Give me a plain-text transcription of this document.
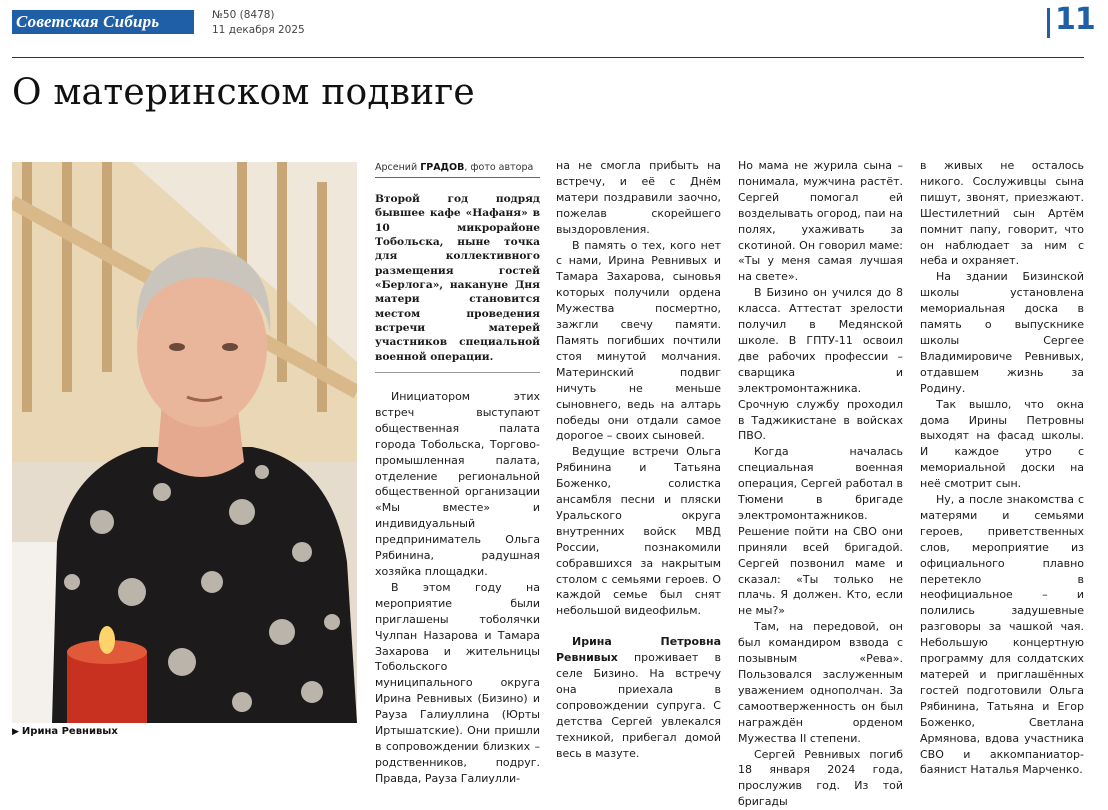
Советская Сибирь	№50 (8478)
11 декабря 2025	11
О материнском подвиге
▶ Ирина Ревнивых
Арсений ГРАДОВ, фото автора

Второй год подряд бывшее кафе «Нафаня» в 10 микрорайоне Тобольска, ныне точка для коллективного размещения гостей «Берлога», накануне Дня матери становится местом проведения встречи матерей участников специальной военной операции.

Инициатором этих встреч выступают общественная палата города Тобольска, Торгово-промышленная палата, отделение региональной общественной организации «Мы вместе» и индивидуальный предприниматель Ольга Рябинина, радушная хозяйка площадки.

В этом году на мероприятие были приглашены тоболячки Чулпан Назарова и Тамара Захарова и жительницы Тобольского муниципального округа Ирина Ревнивых (Бизино) и Рауза Галиуллина (Юрты Иртышатские). Они пришли в сопровождении близких – родственников, подруг. Правда, Рауза Галиулли-

на не смогла прибыть на встречу, и её с Днём матери поздравили заочно, пожелав скорейшего выздоровления.

В память о тех, кого нет с нами, Ирина Ревнивых и Тамара Захарова, сыновья которых получили ордена Мужества посмертно, зажгли свечу памяти. Память погибших почтили стоя минутой молчания. Материнский подвиг ничуть не меньше сыновнего, ведь на алтарь победы они отдали самое дорогое – своих сыновей.

Ведущие встречи Ольга Рябинина и Татьяна Боженко, солистка ансамбля песни и пляски Уральского округа внутренних войск МВД России, познакомили собравшихся за накрытым столом с семьями героев. О каждой семье был снят небольшой видеофильм.

Ирина Петровна Ревнивых проживает в селе Бизино. На встречу она приехала в сопровождении супруга. С детства Сергей увлекался техникой, прибегал домой весь в мазуте.

Но мама не журила сына – понимала, мужчина растёт. Сергей помогал ей возделывать огород, паи на полях, ухаживать за скотиной. Он говорил маме: «Ты у меня самая лучшая на свете».

В Бизино он учился до 8 класса. Аттестат зрелости получил в Медянской школе. В ГПТУ-11 освоил две рабочих профессии – сварщика и электромонтажника. Срочную службу проходил в Таджикистане в войсках ПВО.

Когда началась специальная военная операция, Сергей работал в Тюмени в бригаде электромонтажников. Решение пойти на СВО они приняли всей бригадой. Сергей позвонил маме и сказал: «Ты только не плачь. Я должен. Кто, если не мы?»

Там, на передовой, он был командиром взвода с позывным «Рева». Пользовался заслуженным уважением однополчан. За самоотверженность он был награждён орденом Мужества II степени.

Сергей Ревнивых погиб 18 января 2024 года, прослужив год. Из той бригады

в живых не осталось никого. Сослуживцы сына пишут, звонят, приезжают. Шестилетний сын Артём помнит папу, говорит, что он наблюдает за ним с неба и охраняет.

На здании Бизинской школы установлена мемориальная доска в память о выпускнике школы Сергее Владимировиче Ревнивых, отдавшем жизнь за Родину.

Так вышло, что окна дома Ирины Петровны выходят на фасад школы. И каждое утро с мемориальной доски на неё смотрит сын.

Ну, а после знакомства с матерями и семьями героев, приветственных слов, мероприятие из официального плавно перетекло в неофициальное – и полились задушевные разговоры за чашкой чая. Небольшую концертную программу для солдатских матерей и приглашённых гостей подготовили Ольга Рябинина, Татьяна и Егор Боженко, Светлана Армянова, вдова участника СВО и аккомпаниатор-баянист Наталья Марченко.
